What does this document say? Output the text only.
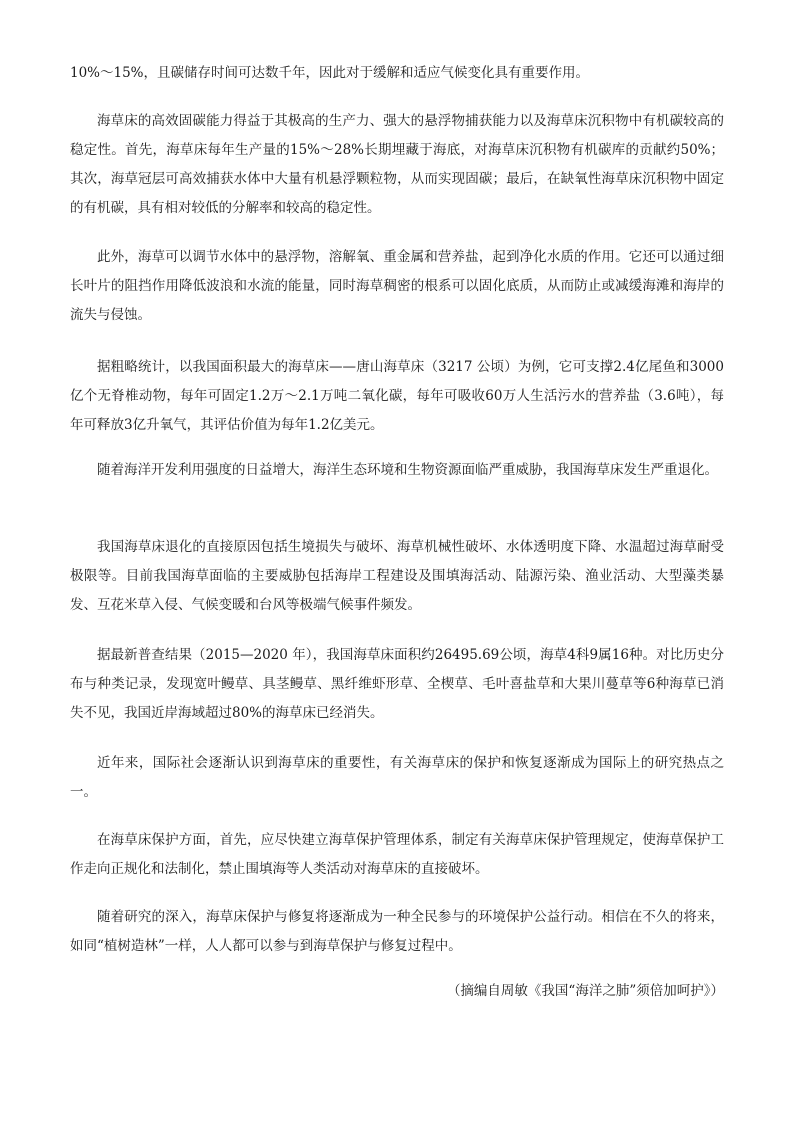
10%～15%，且碳储存时间可达数千年，因此对于缓解和适应气候变化具有重要作用。

海草床的高效固碳能力得益于其极高的生产力、强大的悬浮物捕获能力以及海草床沉积物中有机碳较高的稳定性。首先，海草床每年生产量的15%～28%长期埋藏于海底，对海草床沉积物有机碳库的贡献约50%；其次，海草冠层可高效捕获水体中大量有机悬浮颗粒物，从而实现固碳；最后，在缺氧性海草床沉积物中固定的有机碳，具有相对较低的分解率和较高的稳定性。

此外，海草可以调节水体中的悬浮物，溶解氧、重金属和营养盐，起到净化水质的作用。它还可以通过细长叶片的阻挡作用降低波浪和水流的能量，同时海草稠密的根系可以固化底质，从而防止或减缓海滩和海岸的流失与侵蚀。

据粗略统计，以我国面积最大的海草床——唐山海草床（3217 公顷）为例，它可支撑2.4亿尾鱼和3000 亿个无脊椎动物，每年可固定1.2万～2.1万吨二氧化碳，每年可吸收60万人生活污水的营养盐（3.6吨），每年可释放3亿升氧气，其评估价值为每年1.2亿美元。

随着海洋开发利用强度的日益增大，海洋生态环境和生物资源面临严重威胁，我国海草床发生严重退化。

我国海草床退化的直接原因包括生境损失与破坏、海草机械性破坏、水体透明度下降、水温超过海草耐受极限等。目前我国海草面临的主要威胁包括海岸工程建设及围填海活动、陆源污染、渔业活动、大型藻类暴发、互花米草入侵、气候变暖和台风等极端气候事件频发。

据最新普查结果（2015—2020 年），我国海草床面积约26495.69公顷，海草4科9属16种。对比历史分布与种类记录，发现宽叶鳗草、具茎鳗草、黑纤维虾形草、全楔草、毛叶喜盐草和大果川蔓草等6种海草已消失不见，我国近岸海域超过80%的海草床已经消失。

近年来，国际社会逐渐认识到海草床的重要性，有关海草床的保护和恢复逐渐成为国际上的研究热点之一。

在海草床保护方面，首先，应尽快建立海草保护管理体系，制定有关海草床保护管理规定，使海草保护工作走向正规化和法制化，禁止围填海等人类活动对海草床的直接破坏。

随着研究的深入，海草床保护与修复将逐渐成为一种全民参与的环境保护公益行动。相信在不久的将来，如同“植树造林”一样，人人都可以参与到海草保护与修复过程中。

（摘编自周敏《我国“海洋之肺”须倍加呵护》）
